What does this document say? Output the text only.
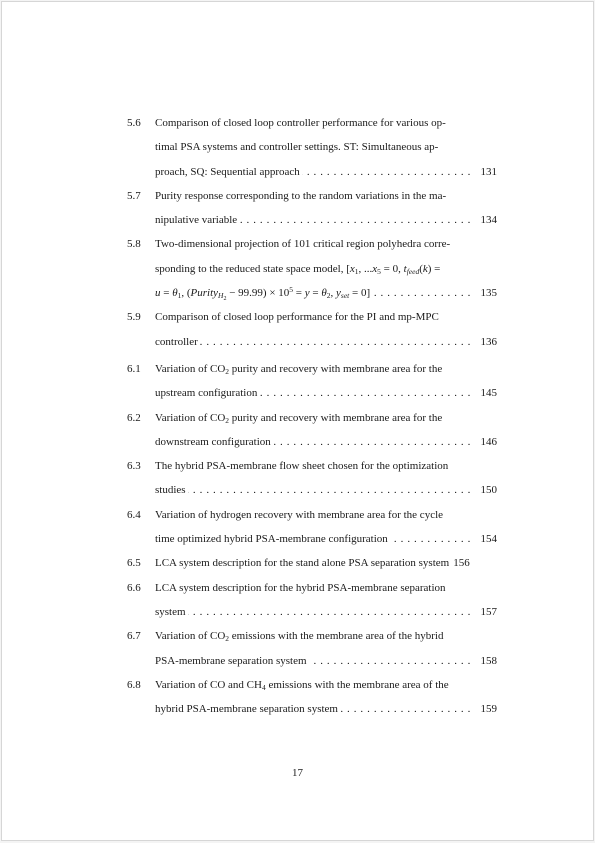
5.6 Comparison of closed loop controller performance for various op-
timal PSA systems and controller settings. ST: Simultaneous ap-
. . . proach, SQ: Sequential approach	131
5.7 Purity response corresponding to the random variations in the ma-
. . . nipulative variable	134
5.8 Two-dimensional projection of 101 critical region polyhedra corre-
sponding to the reduced state space model, [$x_1$, $...x_5 = 0$, $t_{feed}(k)$ =
. . . $u = \theta_1$, (Purity$_{H_2}$ − $99.99) \times 10^5 = y = \theta_2$, $y_{set} = 0$]	135
5.9 Comparison of closed loop performance for the PI and mp-MPC
. . . controller	136
6.1 Variation of $CO_2$ purity and recovery with membrane area for the
. . . upstream configuration	145
6.2 Variation of $CO_2$ purity and recovery with membrane area for the
. . . downstream configuration	146
6.3 The hybrid PSA-membrane flow sheet chosen for the optimization
. . . studies	150
6.4 Variation of hydrogen recovery with membrane area for the cycle
. . . time optimized hybrid PSA-membrane configuration	154
6.5 LCA system description for the stand alone PSA separation system 156
6.6 LCA system description for the hybrid PSA-membrane separation
. . . system	157
6.7 Variation of $CO_2$ emissions with the membrane area of the hybrid
. . . PSA-membrane separation system	158
6.8 Variation of CO and $CH_4$ emissions with the membrane area of the
. . . hybrid PSA-membrane separation system	159
17
